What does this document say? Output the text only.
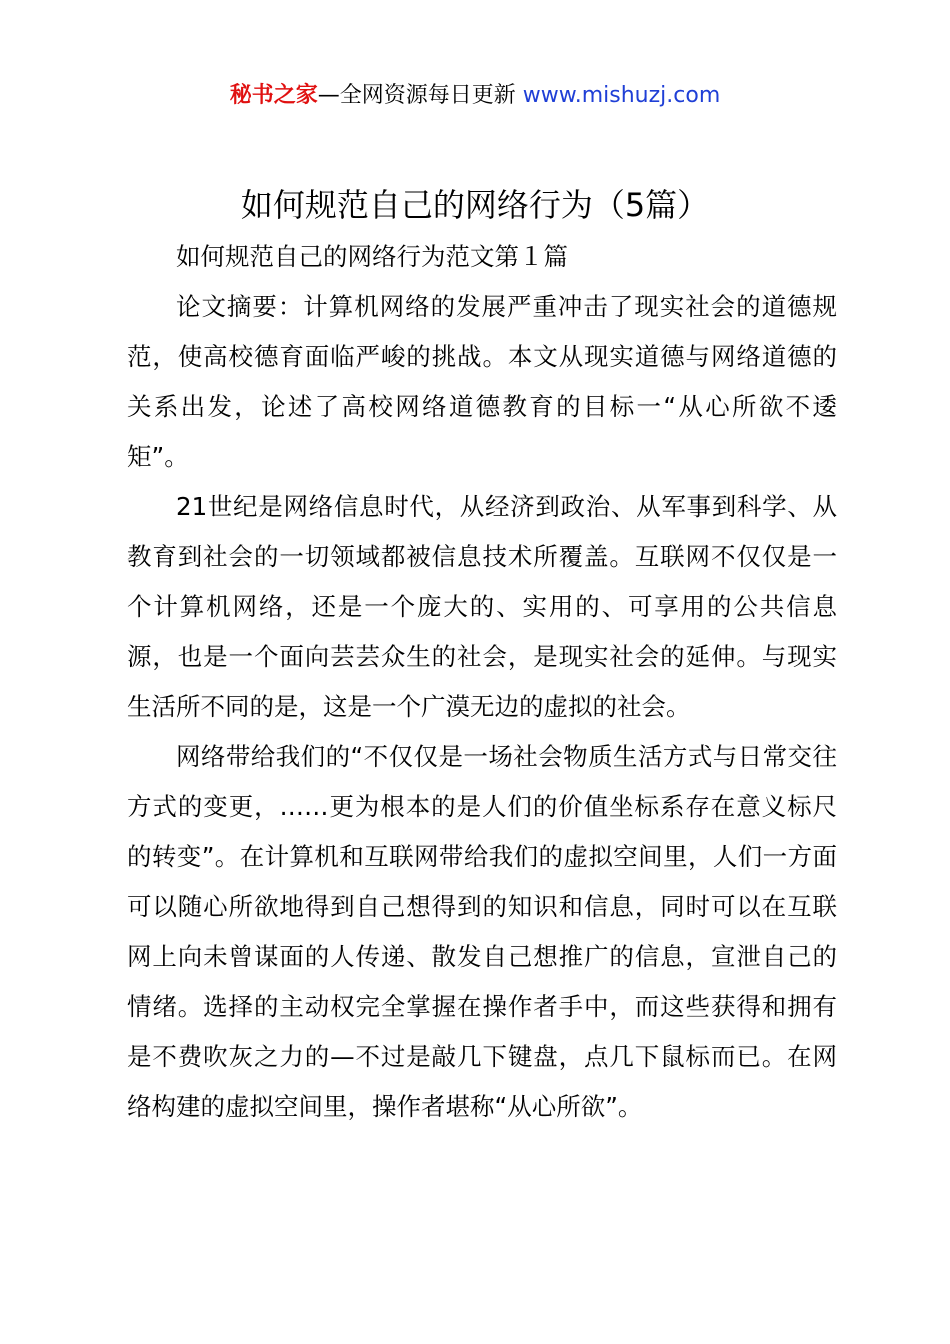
秘书之家—全网资源每日更新 www.mishuzj.com
如何规范自己的网络行为（5篇）

如何规范自己的网络行为范文第１篇

论文摘要：计算机网络的发展严重冲击了现实社会的道德规范，使高校德育面临严峻的挑战。本文从现实道德与网络道德的关系出发，论述了高校网络道德教育的目标一“从心所欲不逶矩”。

21世纪是网络信息时代，从经济到政治、从军事到科学、从教育到社会的一切领域都被信息技术所覆盖。互联网不仅仅是一个计算机网络，还是一个庞大的、实用的、可享用的公共信息源，也是一个面向芸芸众生的社会，是现实社会的延伸。与现实生活所不同的是，这是一个广漠无边的虚拟的社会。

网络带给我们的“不仅仅是一场社会物质生活方式与日常交往方式的变更，……更为根本的是人们的价值坐标系存在意义标尺的转变”。在计算机和互联网带给我们的虚拟空间里，人们一方面可以随心所欲地得到自己想得到的知识和信息，同时可以在互联网上向未曾谋面的人传递、散发自己想推广的信息，宣泄自己的情绪。选择的主动权完全掌握在操作者手中，而这些获得和拥有是不费吹灰之力的—不过是敲几下键盘，点几下鼠标而已。在网络构建的虚拟空间里，操作者堪称“从心所欲”。
